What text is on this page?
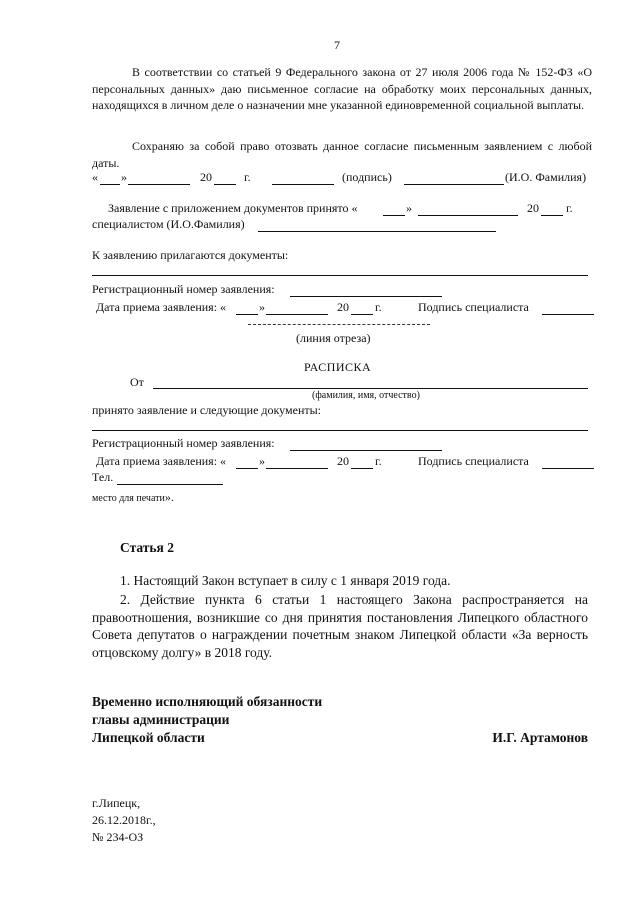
7
В соответствии со статьей 9 Федерального закона от 27 июля 2006 года № 152-ФЗ «О персональных данных» даю письменное согласие на обработку моих персональных данных, находящихся в личном деле о назначении мне указанной единовременной социальной выплаты.
Сохраняю за собой право отозвать данное согласие письменным заявлением с любой даты.
« »	20	г.	(подпись)	(И.О. Фамилия)
Заявление с приложением документов принято «	»	20 г.
специалистом (И.О.Фамилия)
К заявлению прилагаются документы:
Регистрационный номер заявления:
Дата приема заявления: «	»	20 г.	Подпись специалиста
(линия отреза)
РАСПИСКА
От
(фамилия, имя, отчество)
принято заявление и следующие документы:
Регистрационный номер заявления:
Дата приема заявления: «	»	20 г.	Подпись специалиста
Тел.
место для печати».
Статья 2
1. Настоящий Закон вступает в силу с 1 января 2019 года.
2. Действие пункта 6 статьи 1 настоящего Закона распространяется на правоотношения, возникшие со дня принятия постановления Липецкого областного Совета депутатов о награждении почетным знаком Липецкой области «За верность отцовскому долгу» в 2018 году.
Временно исполняющий обязанности
главы администрации
Липецкой области	И.Г. Артамонов
г.Липецк,
26.12.2018г.,
№ 234-ОЗ
